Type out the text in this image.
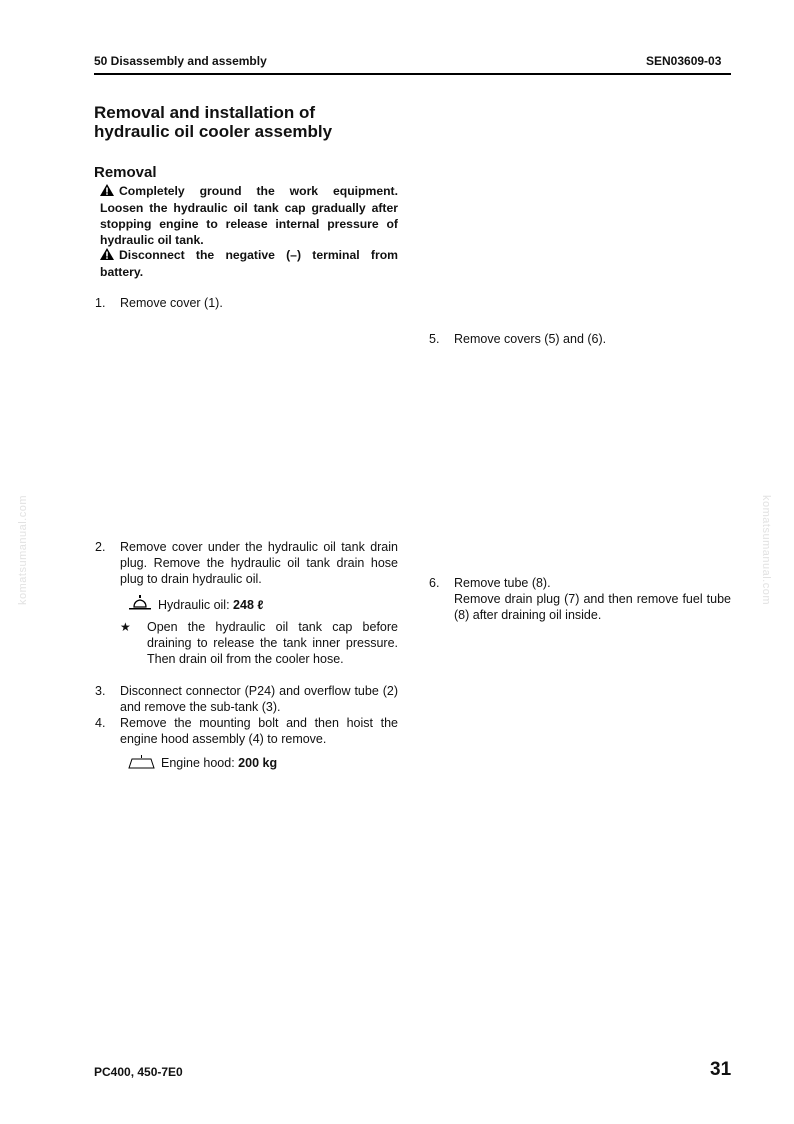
50 Disassembly and assembly	SEN03609-03
Removal and installation of
hydraulic oil cooler assembly
Removal
Completely ground the work equipment. Loosen the hydraulic oil tank cap gradually after stopping engine to release internal pressure of hydraulic oil tank.
Disconnect the negative (–) terminal from battery.
1. Remove cover (1).
2. Remove cover under the hydraulic oil tank drain plug. Remove the hydraulic oil tank drain hose plug to drain hydraulic oil.
Hydraulic oil: 248 ℓ
★ Open the hydraulic oil tank cap before draining to release the tank inner pressure. Then drain oil from the cooler hose.
3. Disconnect connector (P24) and overflow tube (2) and remove the sub-tank (3).
4. Remove the mounting bolt and then hoist the engine hood assembly (4) to remove.
Engine hood: 200 kg
5. Remove covers (5) and (6).
6. Remove tube (8).
Remove drain plug (7) and then remove fuel tube (8) after draining oil inside.
komatsumanual.com	komatsumanual.com
PC400, 450-7E0	31
